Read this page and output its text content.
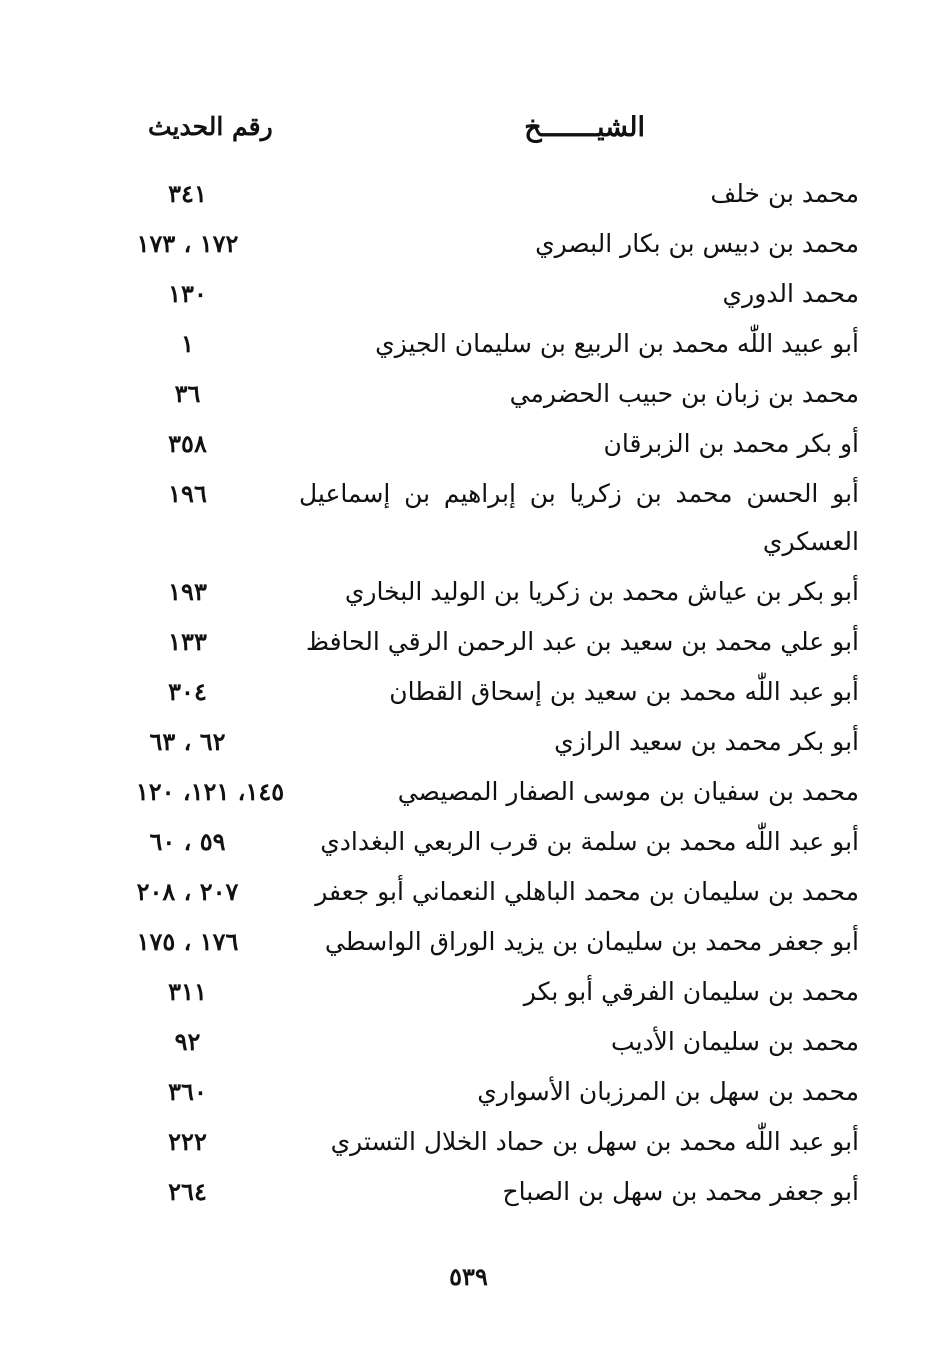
الشيـــــــخ
رقم الحديث
محمد بن خلف
٣٤١
محمد بن دبيس بن بكار البصري
١٧٢ ، ١٧٣
محمد الدوري
١٣٠
أبو عبيد اللّٰه محمد بن الربيع بن سليمان الجيزي
١
محمد بن زبان بن حبيب الحضرمي
٣٦
أو بكر محمد بن الزبرقان
٣٥٨
أبو الحسن محمد بن زكريا بن إبراهيم بن إسماعيل العسكري
١٩٦
أبو بكر بن عياش محمد بن زكريا بن الوليد البخاري
١٩٣
أبو علي محمد بن سعيد بن عبد الرحمن الرقي الحافظ
١٣٣
أبو عبد اللّٰه محمد بن سعيد بن إسحاق القطان
٣٠٤
أبو بكر محمد بن سعيد الرازي
٦٢ ، ٦٣
محمد بن سفيان بن موسى الصفار المصيصي
١٤٥، ١٢١، ١٢٠
أبو عبد اللّٰه محمد بن سلمة بن قرب الربعي البغدادي
٥٩ ، ٦٠
محمد بن سليمان بن محمد الباهلي النعماني أبو جعفر
٢٠٧ ، ٢٠٨
أبو جعفر محمد بن سليمان بن يزيد الوراق الواسطي
١٧٦ ، ١٧٥
محمد بن سليمان الفرقي أبو بكر
٣١١
محمد بن سليمان الأديب
٩٢
محمد بن سهل بن المرزبان الأسواري
٣٦٠
أبو عبد اللّٰه محمد بن سهل بن حماد الخلال التستري
٢٢٢
أبو جعفر محمد بن سهل بن الصباح
٢٦٤
٥٣٩
